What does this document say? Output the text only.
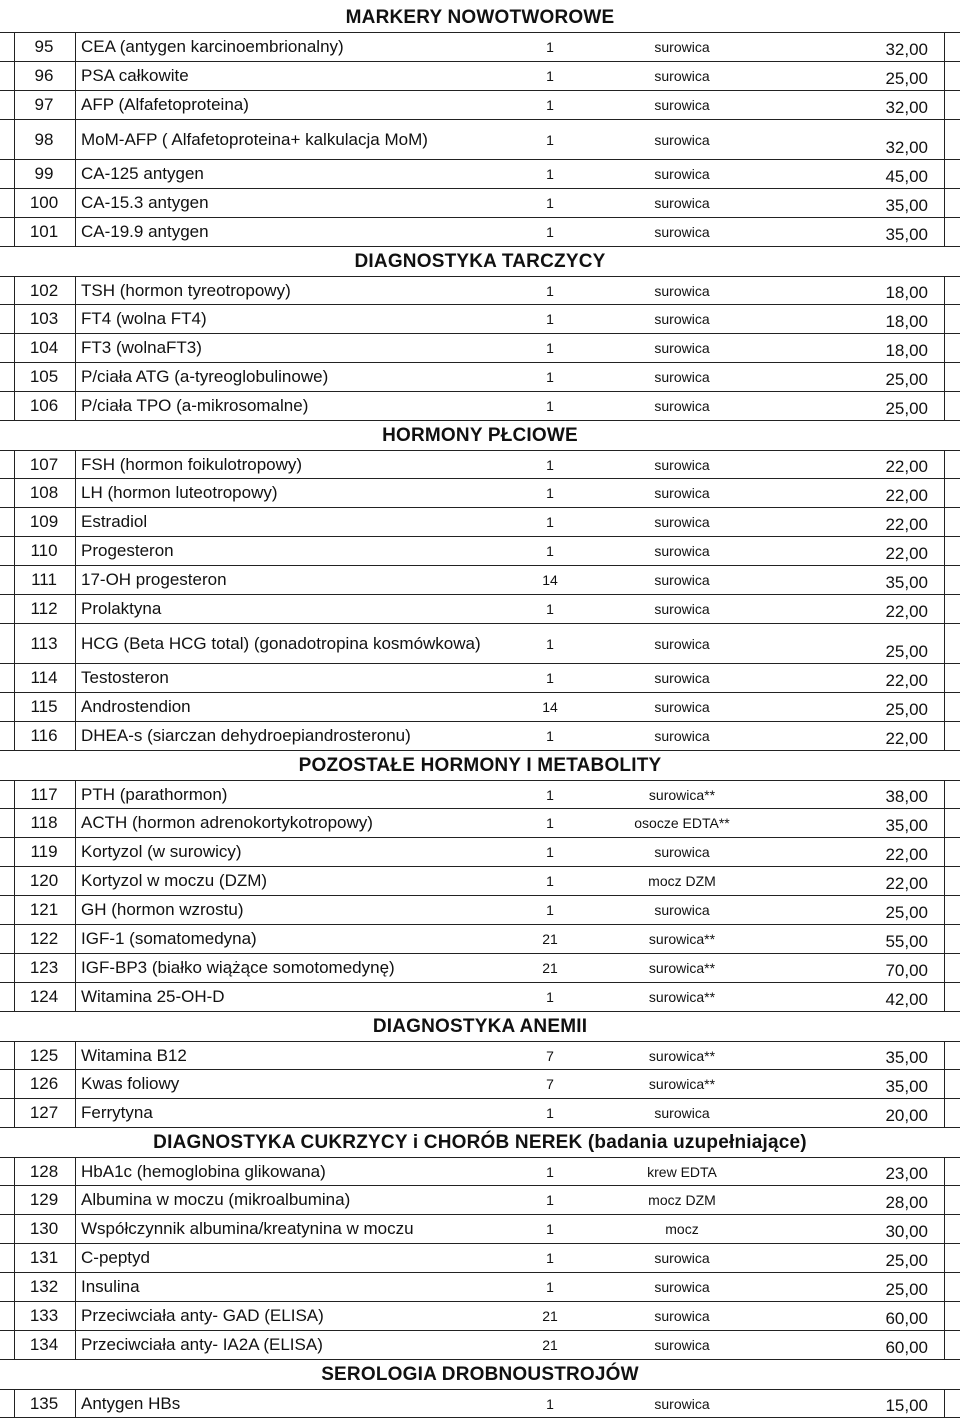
MARKERY NOWOTWOROWE
95	CEA (antygen karcinoembrionalny)	1	surowica	32,00
96	PSA całkowite	1	surowica	25,00
97	AFP (Alfafetoproteina)	1	surowica	32,00
98	MoM-AFP ( Alfafetoproteina+ kalkulacja MoM)	1	surowica	32,00
99	CA-125 antygen	1	surowica	45,00
100	CA-15.3 antygen	1	surowica	35,00
101	CA-19.9 antygen	1	surowica	35,00
DIAGNOSTYKA TARCZYCY
102	TSH (hormon tyreotropowy)	1	surowica	18,00
103	FT4 (wolna FT4)	1	surowica	18,00
104	FT3 (wolnaFT3)	1	surowica	18,00
105	P/ciała ATG (a-tyreoglobulinowe)	1	surowica	25,00
106	P/ciała TPO (a-mikrosomalne)	1	surowica	25,00
HORMONY PŁCIOWE
107	FSH (hormon foikulotropowy)	1	surowica	22,00
108	LH (hormon luteotropowy)	1	surowica	22,00
109	Estradiol	1	surowica	22,00
110	Progesteron	1	surowica	22,00
111	17-OH progesteron	14	surowica	35,00
112	Prolaktyna	1	surowica	22,00
113	HCG (Beta HCG total) (gonadotropina kosmówkowa)	1	surowica	25,00
114	Testosteron	1	surowica	22,00
115	Androstendion	14	surowica	25,00
116	DHEA-s (siarczan dehydroepiandrosteronu)	1	surowica	22,00
POZOSTAŁE HORMONY I METABOLITY
117	PTH (parathormon)	1	surowica**	38,00
118	ACTH (hormon adrenokortykotropowy)	1	osocze EDTA**	35,00
119	Kortyzol (w surowicy)	1	surowica	22,00
120	Kortyzol w moczu (DZM)	1	mocz DZM	22,00
121	GH (hormon wzrostu)	1	surowica	25,00
122	IGF-1 (somatomedyna)	21	surowica**	55,00
123	IGF-BP3 (białko wiążące somotomedynę)	21	surowica**	70,00
124	Witamina 25-OH-D	1	surowica**	42,00
DIAGNOSTYKA ANEMII
125	Witamina B12	7	surowica**	35,00
126	Kwas foliowy	7	surowica**	35,00
127	Ferrytyna	1	surowica	20,00
DIAGNOSTYKA CUKRZYCY i CHORÓB NEREK (badania uzupełniające)
128	HbA1c (hemoglobina glikowana)	1	krew EDTA	23,00
129	Albumina w moczu (mikroalbumina)	1	mocz DZM	28,00
130	Współczynnik albumina/kreatynina w moczu	1	mocz	30,00
131	C-peptyd	1	surowica	25,00
132	Insulina	1	surowica	25,00
133	Przeciwciała anty- GAD (ELISA)	21	surowica	60,00
134	Przeciwciała anty- IA2A (ELISA)	21	surowica	60,00
SEROLOGIA DROBNOUSTROJÓW
135	Antygen HBs	1	surowica	15,00
